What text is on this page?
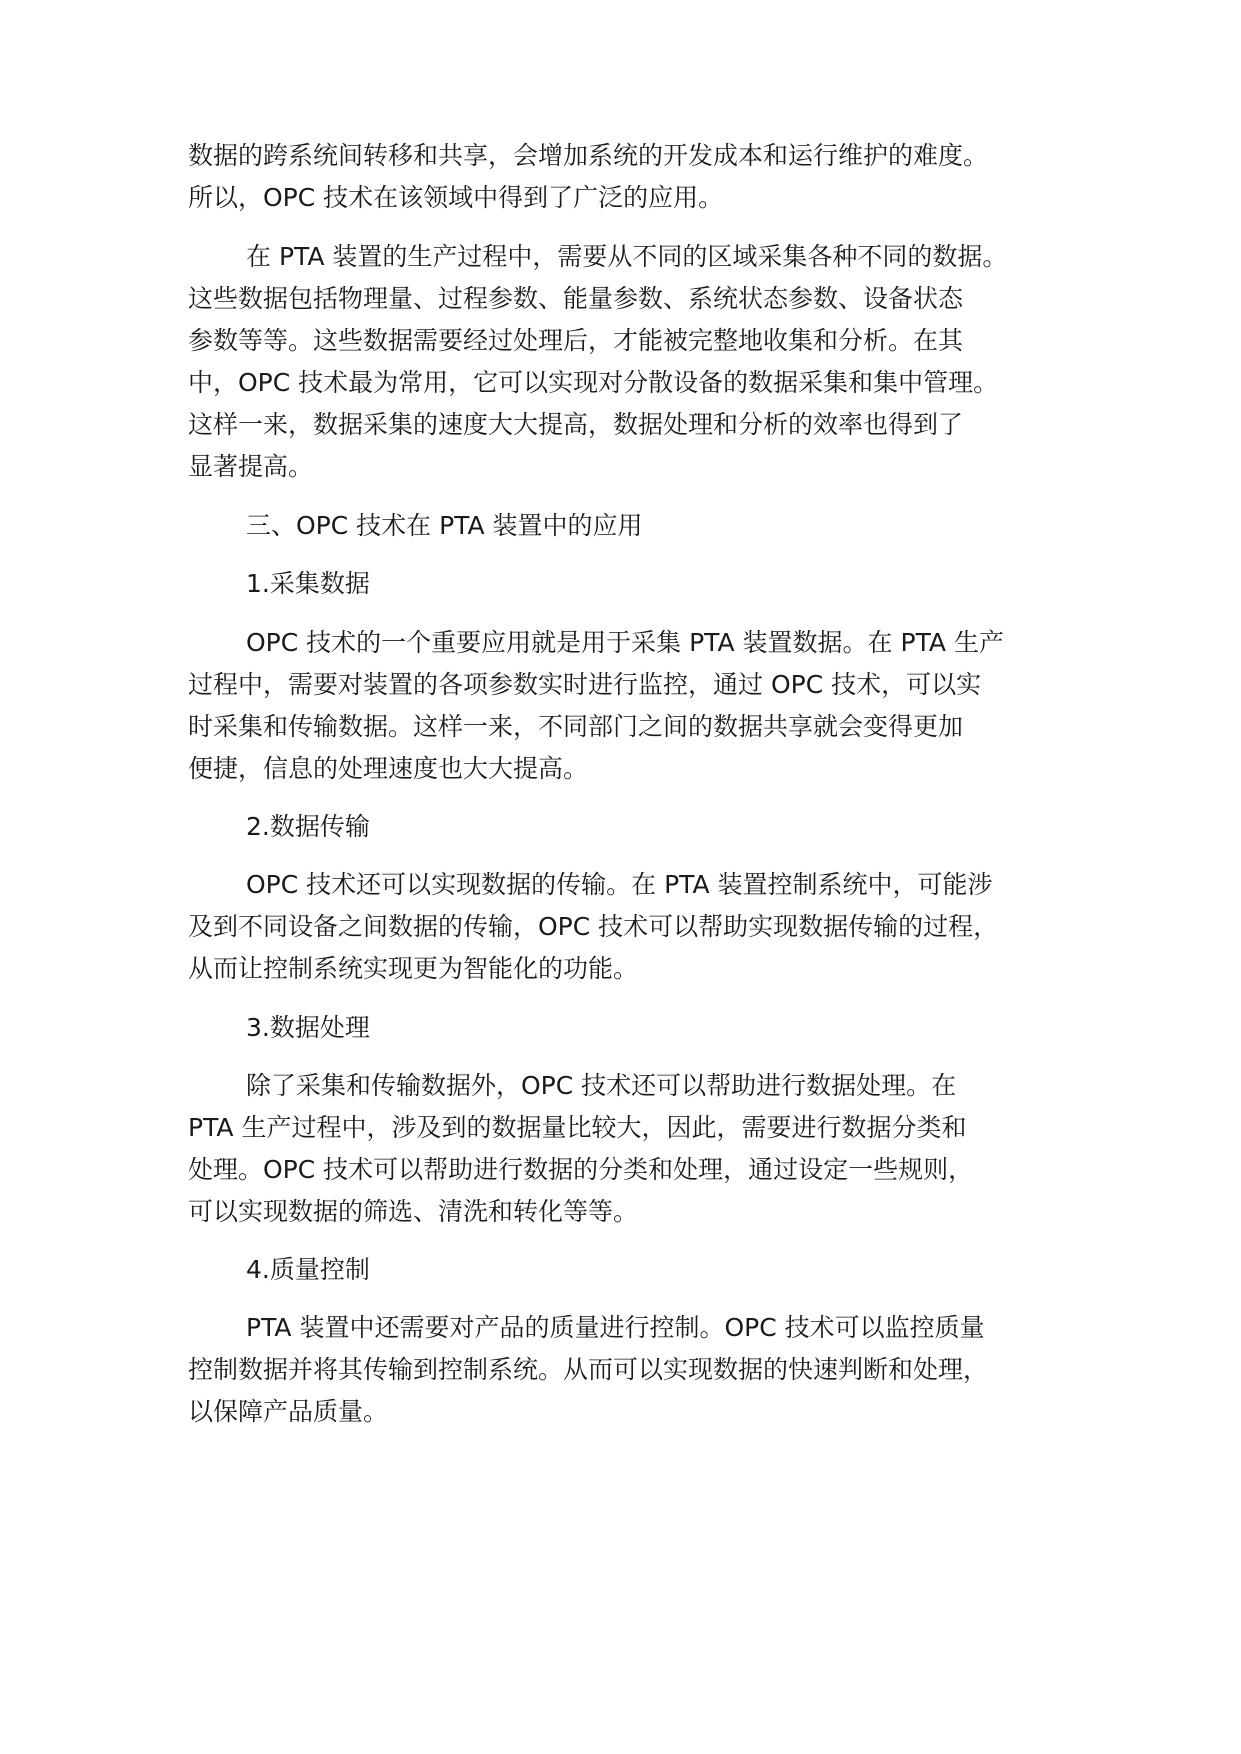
数据的跨系统间转移和共享，会增加系统的开发成本和运行维护的难度。
所以，OPC 技术在该领域中得到了广泛的应用。
在 PTA 装置的生产过程中，需要从不同的区域采集各种不同的数据。
这些数据包括物理量、过程参数、能量参数、系统状态参数、设备状态
参数等等。这些数据需要经过处理后，才能被完整地收集和分析。在其
中，OPC 技术最为常用，它可以实现对分散设备的数据采集和集中管理。
这样一来，数据采集的速度大大提高，数据处理和分析的效率也得到了
显著提高。
三、OPC 技术在 PTA 装置中的应用
1.采集数据
OPC 技术的一个重要应用就是用于采集 PTA 装置数据。在 PTA 生产
过程中，需要对装置的各项参数实时进行监控，通过 OPC 技术，可以实
时采集和传输数据。这样一来，不同部门之间的数据共享就会变得更加
便捷，信息的处理速度也大大提高。
2.数据传输
OPC 技术还可以实现数据的传输。在 PTA 装置控制系统中，可能涉
及到不同设备之间数据的传输，OPC 技术可以帮助实现数据传输的过程，
从而让控制系统实现更为智能化的功能。
3.数据处理
除了采集和传输数据外，OPC 技术还可以帮助进行数据处理。在
PTA 生产过程中，涉及到的数据量比较大，因此，需要进行数据分类和
处理。OPC 技术可以帮助进行数据的分类和处理，通过设定一些规则，
可以实现数据的筛选、清洗和转化等等。
4.质量控制
PTA 装置中还需要对产品的质量进行控制。OPC 技术可以监控质量
控制数据并将其传输到控制系统。从而可以实现数据的快速判断和处理，
以保障产品质量。
